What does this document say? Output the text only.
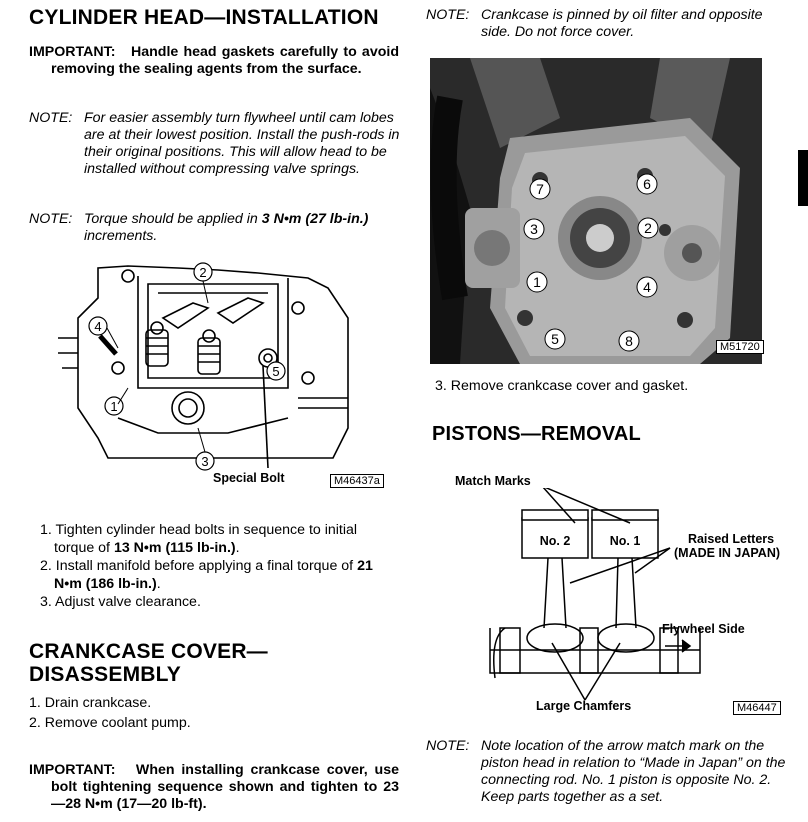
CYLINDER HEAD—INSTALLATION
IMPORTANT: Handle head gaskets carefully to avoid removing the sealing agents from the surface.
NOTE: For easier assembly turn flywheel until cam lobes are at their lowest position. Install the push-rods in their original positions. This will allow head to be installed without compressing valve springs.
NOTE: Torque should be applied in 3 N•m (27 lb-in.) increments.
2
4
5
1
3
Special Bolt	M46437a
1. Tighten cylinder head bolts in sequence to initial torque of 13 N•m (115 lb-in.).
2. Install manifold before applying a final torque of 21 N•m (186 lb-in.).
3. Adjust valve clearance.
CRANKCASE COVER—
DISASSEMBLY
1. Drain crankcase.
2. Remove coolant pump.
IMPORTANT: When installing crankcase cover, use bolt tightening sequence shown and tighten to 23—28 N•m (17—20 lb-ft).
NOTE: Crankcase is pinned by oil filter and opposite side. Do not force cover.
7	6
3	2
1	4
5	8	M51720
3. Remove crankcase cover and gasket.
PISTONS—REMOVAL
No. 2	No. 1
Match Marks
Raised Letters
(MADE IN JAPAN)
Flywheel Side
Large Chamfers	M46447
NOTE: Note location of the arrow match mark on the piston head in relation to “Made in Japan” on the connecting rod. No. 1 piston is opposite No. 2. Keep parts together as a set.
